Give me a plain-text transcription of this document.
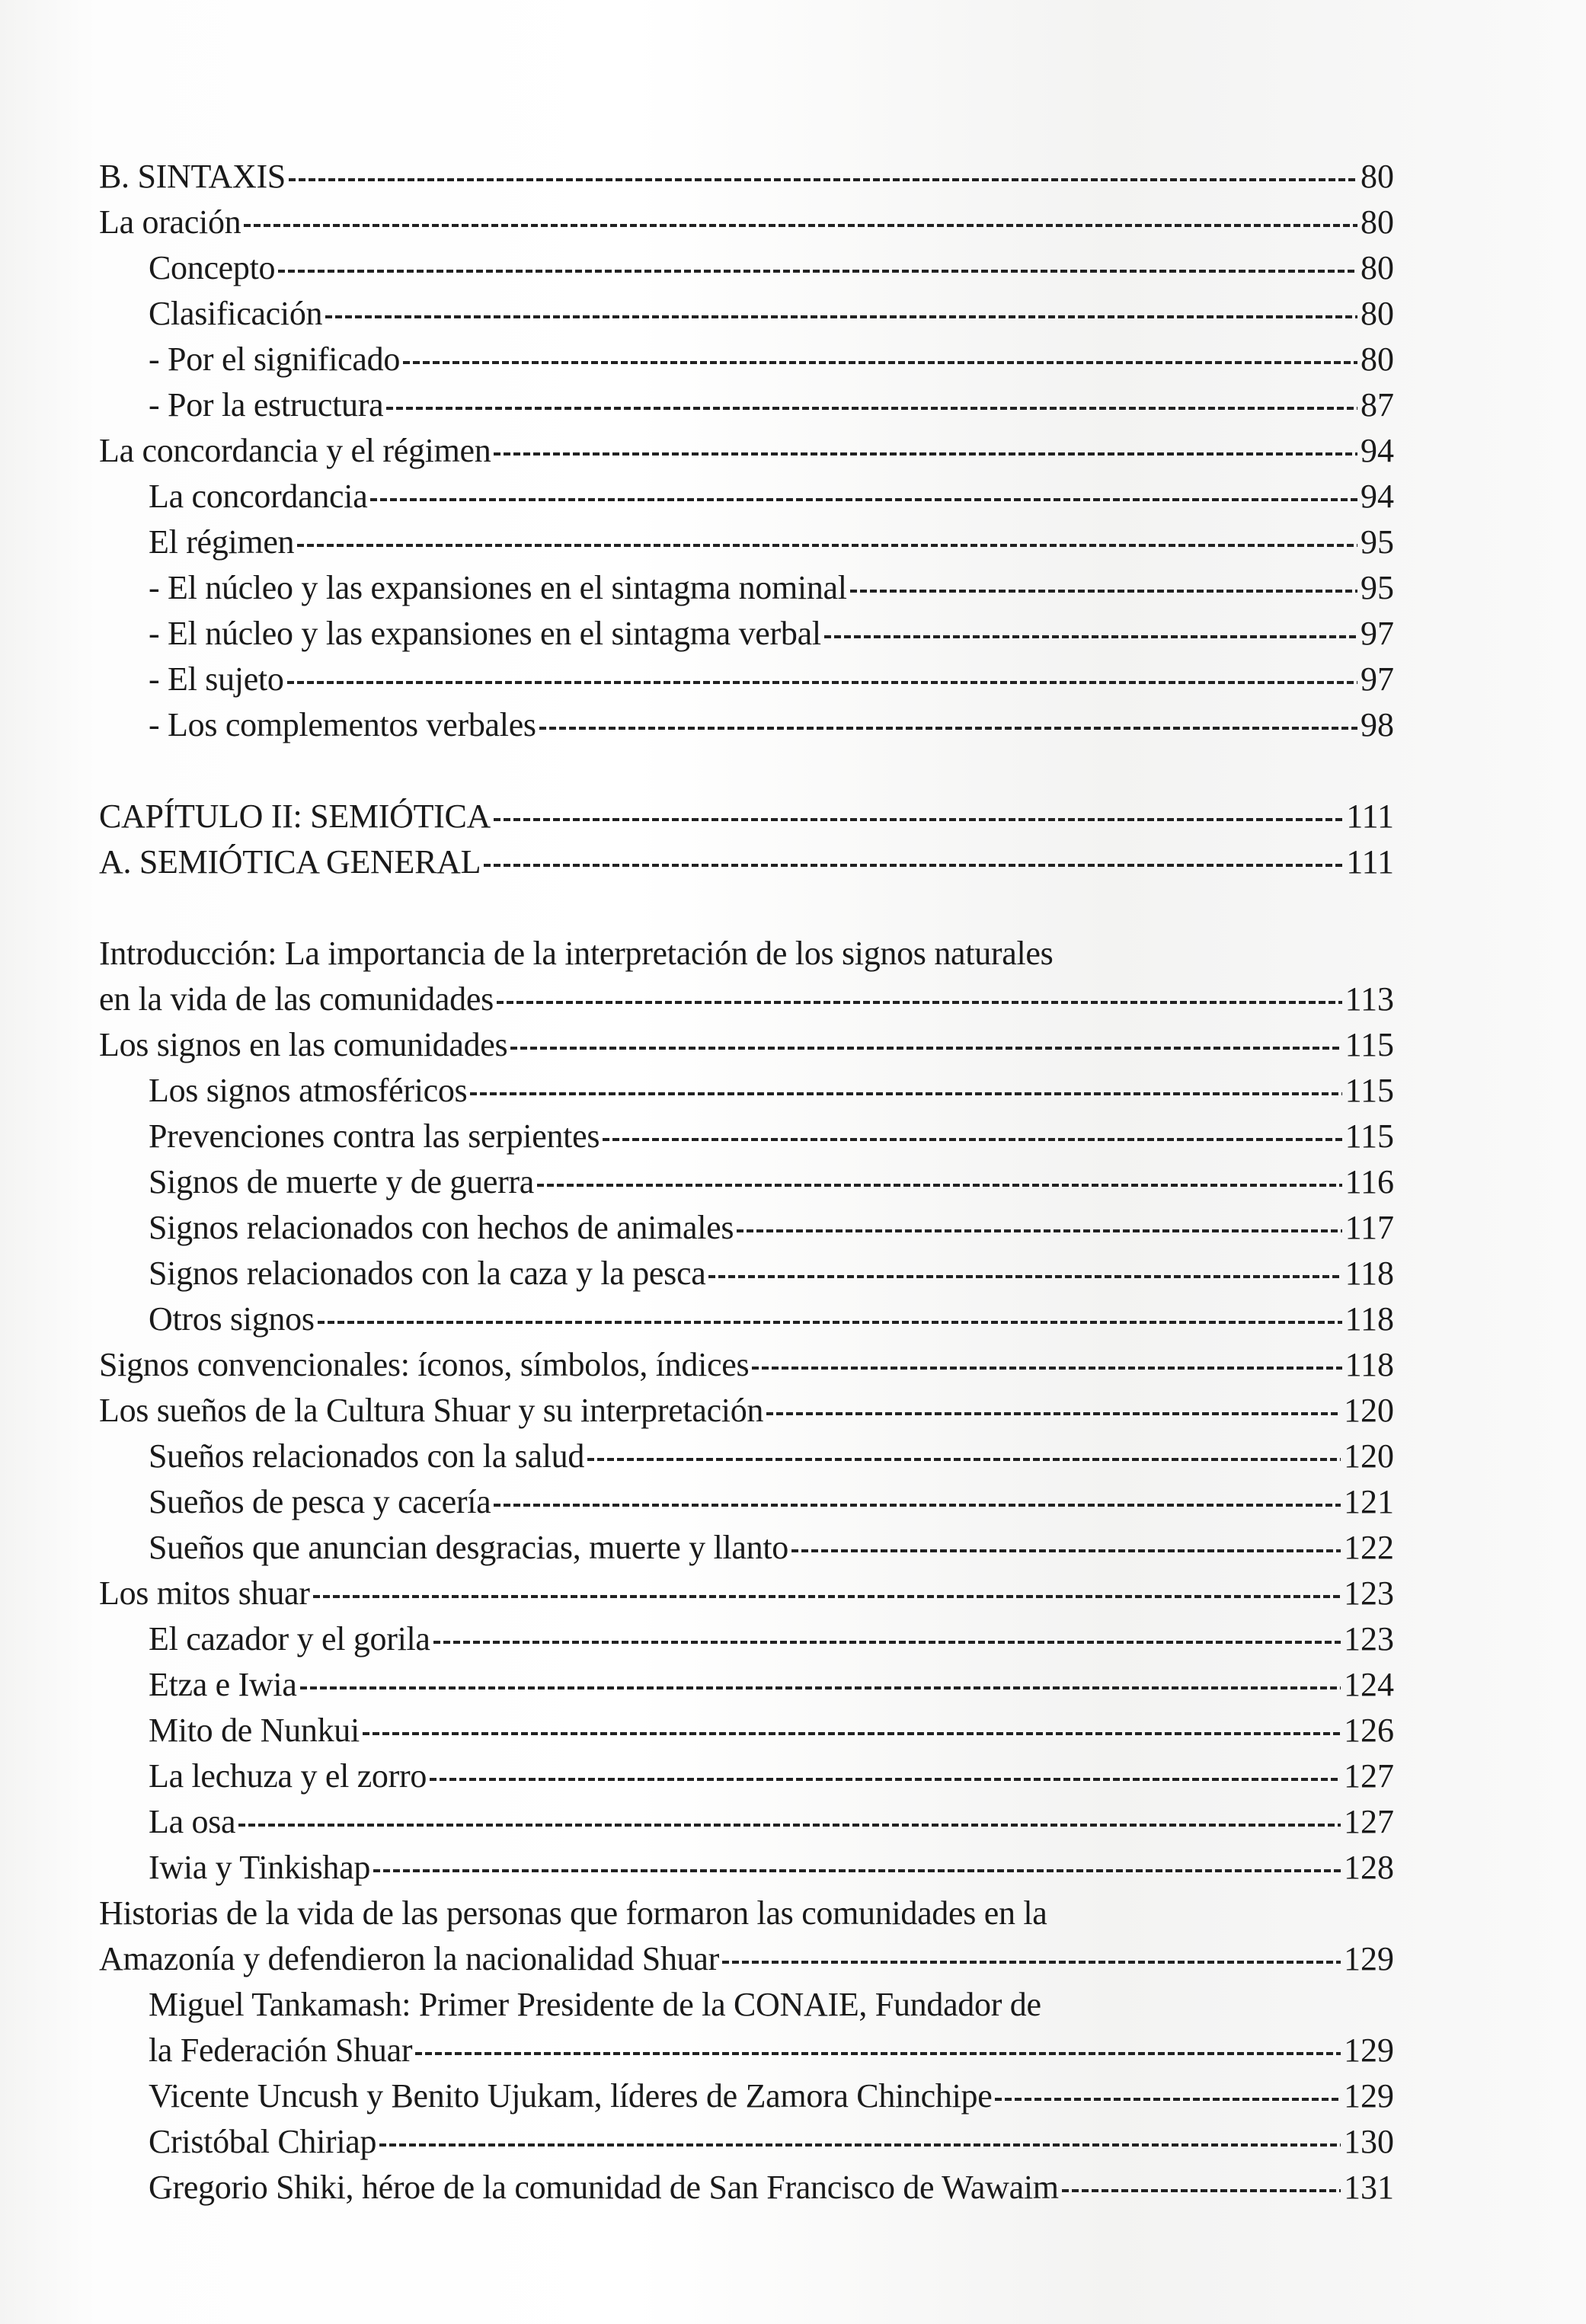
B. SINTAXIS	80
La oración	80
Concepto	80
Clasificación	80
- Por el significado	80
- Por la estructura	87
La concordancia y el régimen	94
La concordancia	94
El régimen	95
- El núcleo y las expansiones en el sintagma nominal	95
- El núcleo y las expansiones en el sintagma verbal	97
- El sujeto	97
- Los complementos verbales	98
CAPÍTULO II: SEMIÓTICA	111
A. SEMIÓTICA GENERAL	111
Introducción: La importancia de la interpretación de los signos naturales
en la vida de las comunidades	113
Los signos en las comunidades	115
Los signos atmosféricos	115
Prevenciones contra las serpientes	115
Signos de muerte y de guerra	116
Signos relacionados con hechos de animales	117
Signos relacionados con la caza y la pesca	118
Otros signos	118
Signos convencionales: íconos, símbolos, índices	118
Los sueños de la Cultura Shuar y su interpretación	120
Sueños relacionados con la salud	120
Sueños de pesca y cacería	121
Sueños que anuncian desgracias, muerte y llanto	122
Los mitos shuar	123
El cazador y el gorila	123
Etza e Iwia	124
Mito de Nunkui	126
La lechuza y el zorro	127
La osa	127
Iwia y Tinkishap	128
Historias de la vida de las personas que formaron las comunidades en la
Amazonía y defendieron la nacionalidad Shuar	129
Miguel Tankamash: Primer Presidente de la CONAIE, Fundador de
la Federación Shuar	129
Vicente Uncush y Benito Ujukam, líderes de Zamora Chinchipe	129
Cristóbal Chiriap	130
Gregorio Shiki, héroe de la comunidad de San Francisco de Wawaim	131
